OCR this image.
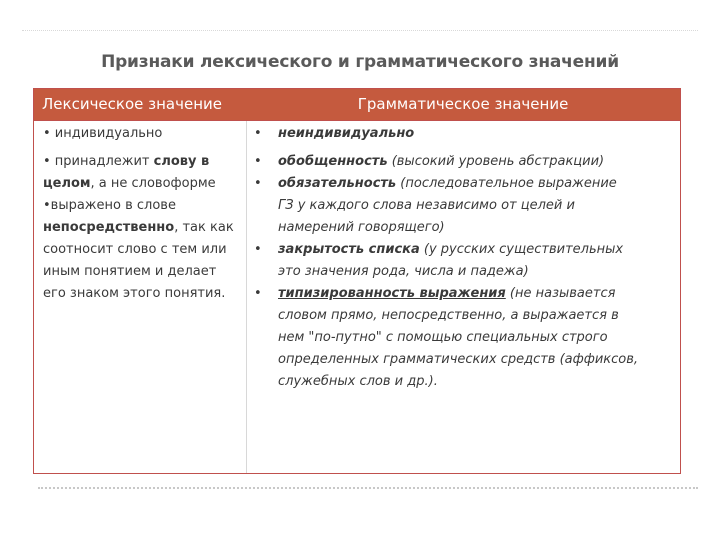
Признаки лексического и грамматического значений
Лексическое значение	Грамматическое значение

• индивидуально

• принадлежит слову в

целом, а не словоформе

•выражено в слове

непосредственно, так как

соотносит слово с тем или

иным понятием и делает

его знаком этого понятия.

• неиндивидуально
• обобщенность (высокий уровень абстракции)
• обязательность (последовательное выражение
ГЗ у каждого слова независимо от целей и
намерений говорящего)
• закрытость списка (у русских существительных
это значения рода, числа и падежа)
• типизированность выражения (не называется
словом прямо, непосредственно, а выражается в
нем "по-путно" с помощью специальных строго
определенных грамматических средств (аффиксов,
служебных слов и др.).
